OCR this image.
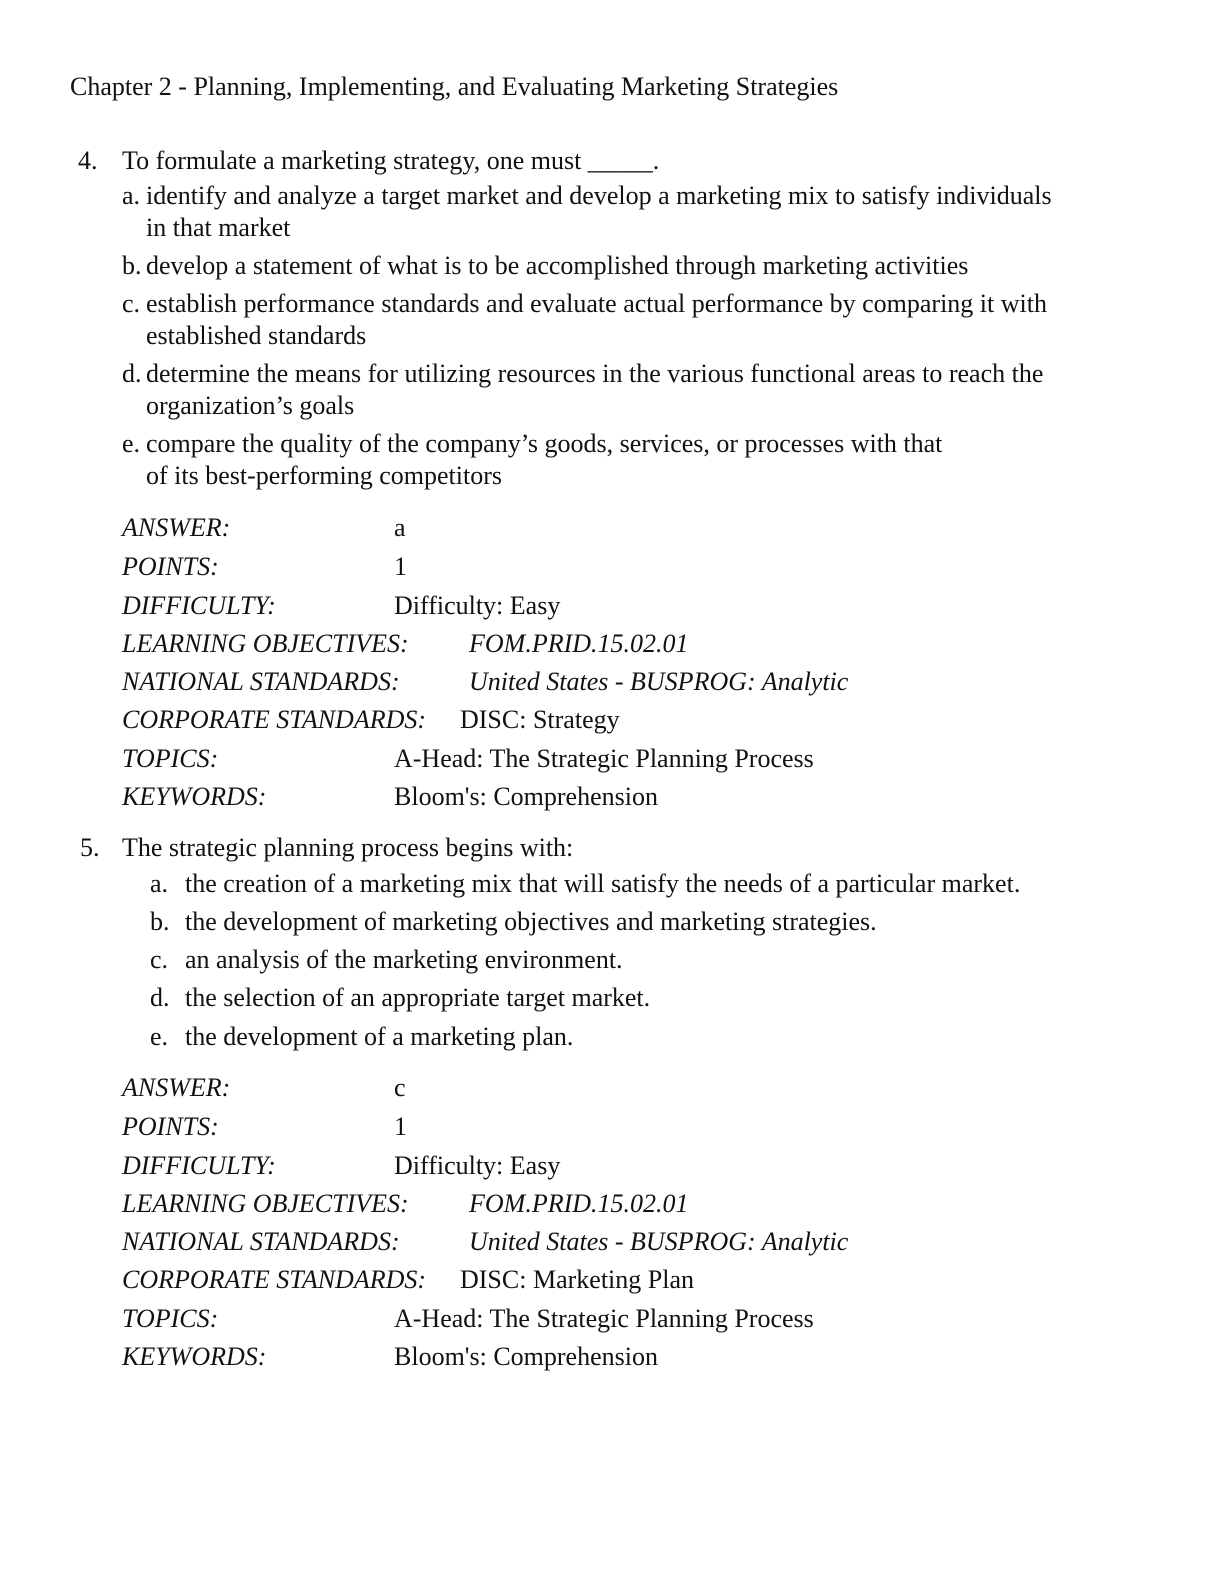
Chapter 2 - Planning, Implementing, and Evaluating Marketing Strategies
4. To formulate a marketing strategy, one must _____.
a. identify and analyze a target market and develop a marketing mix to satisfy individuals
in that market
b. develop a statement of what is to be accomplished through marketing activities
c. establish performance standards and evaluate actual performance by comparing it with
established standards
d. determine the means for utilizing resources in the various functional areas to reach the
organization’s goals
e. compare the quality of the company’s goods, services, or processes with that
of its best-performing competitors
ANSWER:	a
POINTS:	1
DIFFICULTY:	Difficulty: Easy
LEARNING OBJECTIVES: FOM.PRID.15.02.01
NATIONAL STANDARDS:	United States - BUSPROG: Analytic
CORPORATE STANDARDS: DISC: Strategy
TOPICS:	A-Head: The Strategic Planning Process
KEYWORDS:	Bloom's: Comprehension
5. The strategic planning process begins with:
a. the creation of a marketing mix that will satisfy the needs of a particular market.
b. the development of marketing objectives and marketing strategies.
c. an analysis of the marketing environment.
d. the selection of an appropriate target market.
e. the development of a marketing plan.
ANSWER:	c
POINTS:	1
DIFFICULTY:	Difficulty: Easy
LEARNING OBJECTIVES: FOM.PRID.15.02.01
NATIONAL STANDARDS:	United States - BUSPROG: Analytic
CORPORATE STANDARDS: DISC: Marketing Plan
TOPICS:	A-Head: The Strategic Planning Process
KEYWORDS:	Bloom's: Comprehension
